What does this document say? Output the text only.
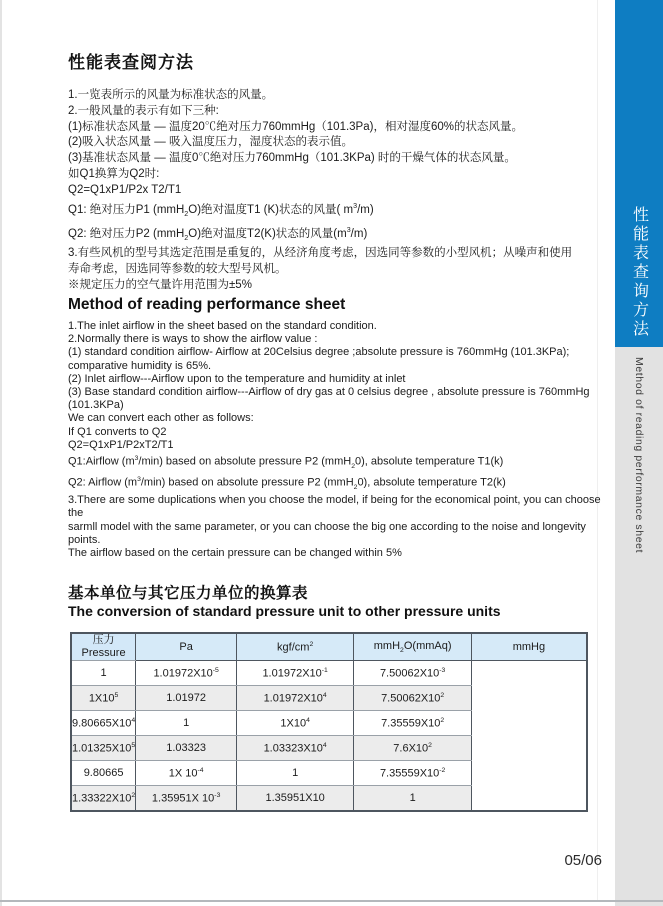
性能表查阅方法
1.一览表所示的风量为标准状态的风量。
2.一般风量的表示有如下三种:
(1)标准状态风量 — 温度20℃绝对压力760mmHg（101.3Pa)，相对湿度60%的状态风量。
(2)吸入状态风量 — 吸入温度压力，湿度状态的表示值。
(3)基准状态风量 — 温度0℃绝对压力760mmHg（101.3KPa) 时的干燥气体的状态风量。
如Q1换算为Q2时:
Q2=Q1xP1/P2x T2/T1
Q1: 绝对压力P1 (mmH$_2$O)绝对温度T1 (K)状态的风量( $m^3/m$)
Q2: 绝对压力P2 (mmH$_2$O)绝对温度T2(K)状态的风量$(m^3/m)$
3.有些风机的型号其选定范围是重复的，从经济角度考虑，因选同等参数的小型风机；从噪声和使用
寿命考虑，因选同等参数的较大型号风机。
※规定压力的空气量许用范围为±5%
Method of reading performance sheet
1.The inlet airflow in the sheet based on the standard condition.
2.Normally there is ways to show the airflow value :
(1) standard condition airflow- Airflow at 20Celsius degree ;absolute pressure is 760mmHg (101.3KPa);
comparative humidity is 65%.
(2) Inlet airflow---Airflow upon to the temperature and humidity at inlet
(3) Base standard condition airflow---Airflow of dry gas at 0 celsius degree , absolute pressure is 760mmHg (101.3KPa)
We can convert each other as follows:
If Q1 converts to Q2
Q2=Q1xP1/P2xT2/T1
Q1:Airflow $(m^3/\min)$ based on absolute pressure P2 (mmH$_2$0), absolute temperature T1(k)
Q2: Airflow $(m^3/\min)$ based on absolute pressure P2 (mmH$_2$0), absolute temperature T2(k)
3.There are some duplications when you choose the model, if being for the economical point, you can choose the
sarmll model with the same parameter, or you can choose the big one according to the noise and longevity points.
The airflow based on the certain pressure can be changed within 5%
基本单位与其它压力单位的换算表
The conversion of standard pressure unit to other pressure units
压力
Pressure	Pa	kgf/$cm^2$	mmH$_2$O(mmAq)	mmHg
1	$1.01972X10^{-5}$	$1.01972X10^{-1}$	$7.50062X10^{-3}$
$1X10^5$	1.01972	$1.01972X10^4$	$7.50062X10^2$
$9.80665X10^4$	1	$1X10^4$	$7.35559X10^2$
$1.01325X10^5$	1.03323	$1.03323X10^4$	$7.6X10^2$
9.80665	1X $10^{-4}$	1	$7.35559X10^{-2}$
$1.33322X10^2$	1.35951X $10^{-3}$	1.35951X10	1	
05/06
性能表查询方法
Method of reading performance sheet
